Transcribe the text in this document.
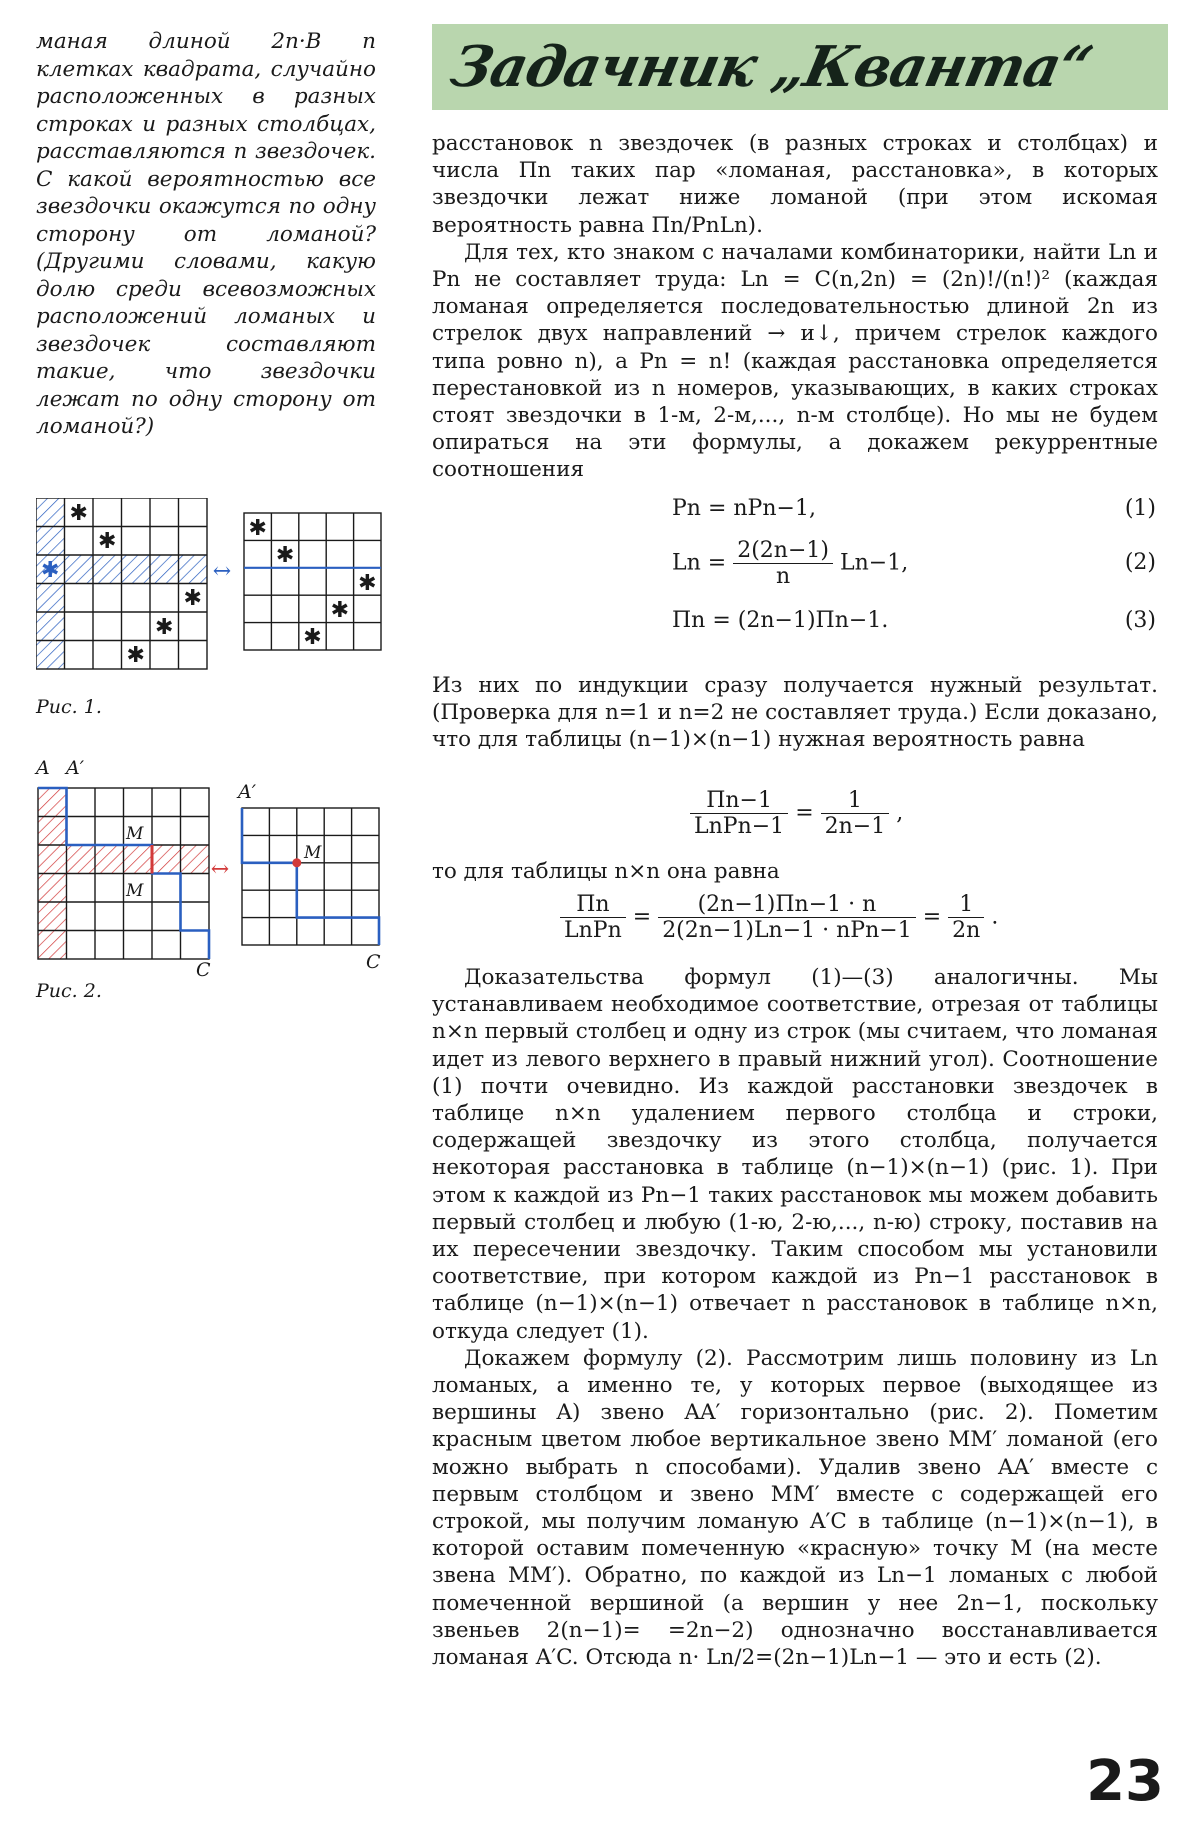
маная длиной 2n·B n клетках квадрата, случайно расположенных в разных строках и разных столбцах, расставляются n звездочек. С какой вероятностью все звездочки окажутся по одну сторону от ломаной? (Другими словами, какую долю среди всевозможных расположений ломаных и звездочек составляют такие, что звездочки лежат по одну сторону от ломаной?)

✱
✱
✱
✱
✱
✱
↔
✱
✱
✱
✱
✱
Рис. 1.
A A′
M
M
↔
C
A′
M
C
Рис. 2.
Задачник „Кванта“

расстановок n звездочек (в разных строках и столбцах) и числа Πn таких пар «ломаная, расстановка», в которых звездочки лежат ниже ломаной (при этом искомая вероятность равна Πn/PnLn).

Для тех, кто знаком с началами комбинаторики, найти Ln и Pn не составляет труда: Ln = C(n,2n) = (2n)!/(n!)² (каждая ломаная определяется последовательностью длиной 2n из стрелок двух направлений → и↓, причем стрелок каждого типа ровно n), а Pn = n! (каждая расстановка определяется перестановкой из n номеров, указывающих, в каких строках стоят звездочки в 1-м, 2-м,..., n-м столбце). Но мы не будем опираться на эти формулы, а докажем рекуррентные соотношения

Pn = nPn−1,	(1)
$Ln = \frac{2(2n-1)}{n} Ln-1$,	(2)
Πn = (2n−1)Πn−1.	(3)

Из них по индукции сразу получается нужный результат. (Проверка для n=1 и n=2 не составляет труда.) Если доказано, что для таблицы (n−1)×(n−1) нужная вероятность равна

$\frac{\Pi n-1}{\text{LnPn−1}} = \frac{1}{2n-1}$ ,

то для таблицы n×n она равна

$\frac{\Pi n}{\text{LnPn}} = \frac{(2n-1)\Pi n-1 \cdot n}{\text{2(2n−1)Ln−1 · nPn−1}} = \frac{1}{2n}$ .

Доказательства формул (1)—(3) аналогичны. Мы устанавливаем необходимое соответствие, отрезая от таблицы n×n первый столбец и одну из строк (мы считаем, что ломаная идет из левого верхнего в правый нижний угол). Соотношение (1) почти очевидно. Из каждой расстановки звездочек в таблице n×n удалением первого столбца и строки, содержащей звездочку из этого столбца, получается некоторая расстановка в таблице (n−1)×(n−1) (рис. 1). При этом к каждой из Pn−1 таких расстановок мы можем добавить первый столбец и любую (1-ю, 2-ю,..., n-ю) строку, поставив на их пересечении звездочку. Таким способом мы установили соответствие, при котором каждой из Pn−1 расстановок в таблице (n−1)×(n−1) отвечает n расстановок в таблице n×n, откуда следует (1).

Докажем формулу (2). Рассмотрим лишь половину из Ln ломаных, а именно те, у которых первое (выходящее из вершины A) звено AA′ горизонтально (рис. 2). Пометим красным цветом любое вертикальное звено MM′ ломаной (его можно выбрать n способами). Удалив звено AA′ вместе с первым столбцом и звено MM′ вместе с содержащей его строкой, мы получим ломаную A′C в таблице (n−1)×(n−1), в которой оставим помеченную «красную» точку M (на месте звена MM′). Обратно, по каждой из Ln−1 ломаных с любой помеченной вершиной (а вершин у нее 2n−1, поскольку звеньев 2(n−1)= =2n−2) однозначно восстанавливается ломаная A′C. Отсюда n· Ln/2=(2n−1)Ln−1 — это и есть (2).

23
